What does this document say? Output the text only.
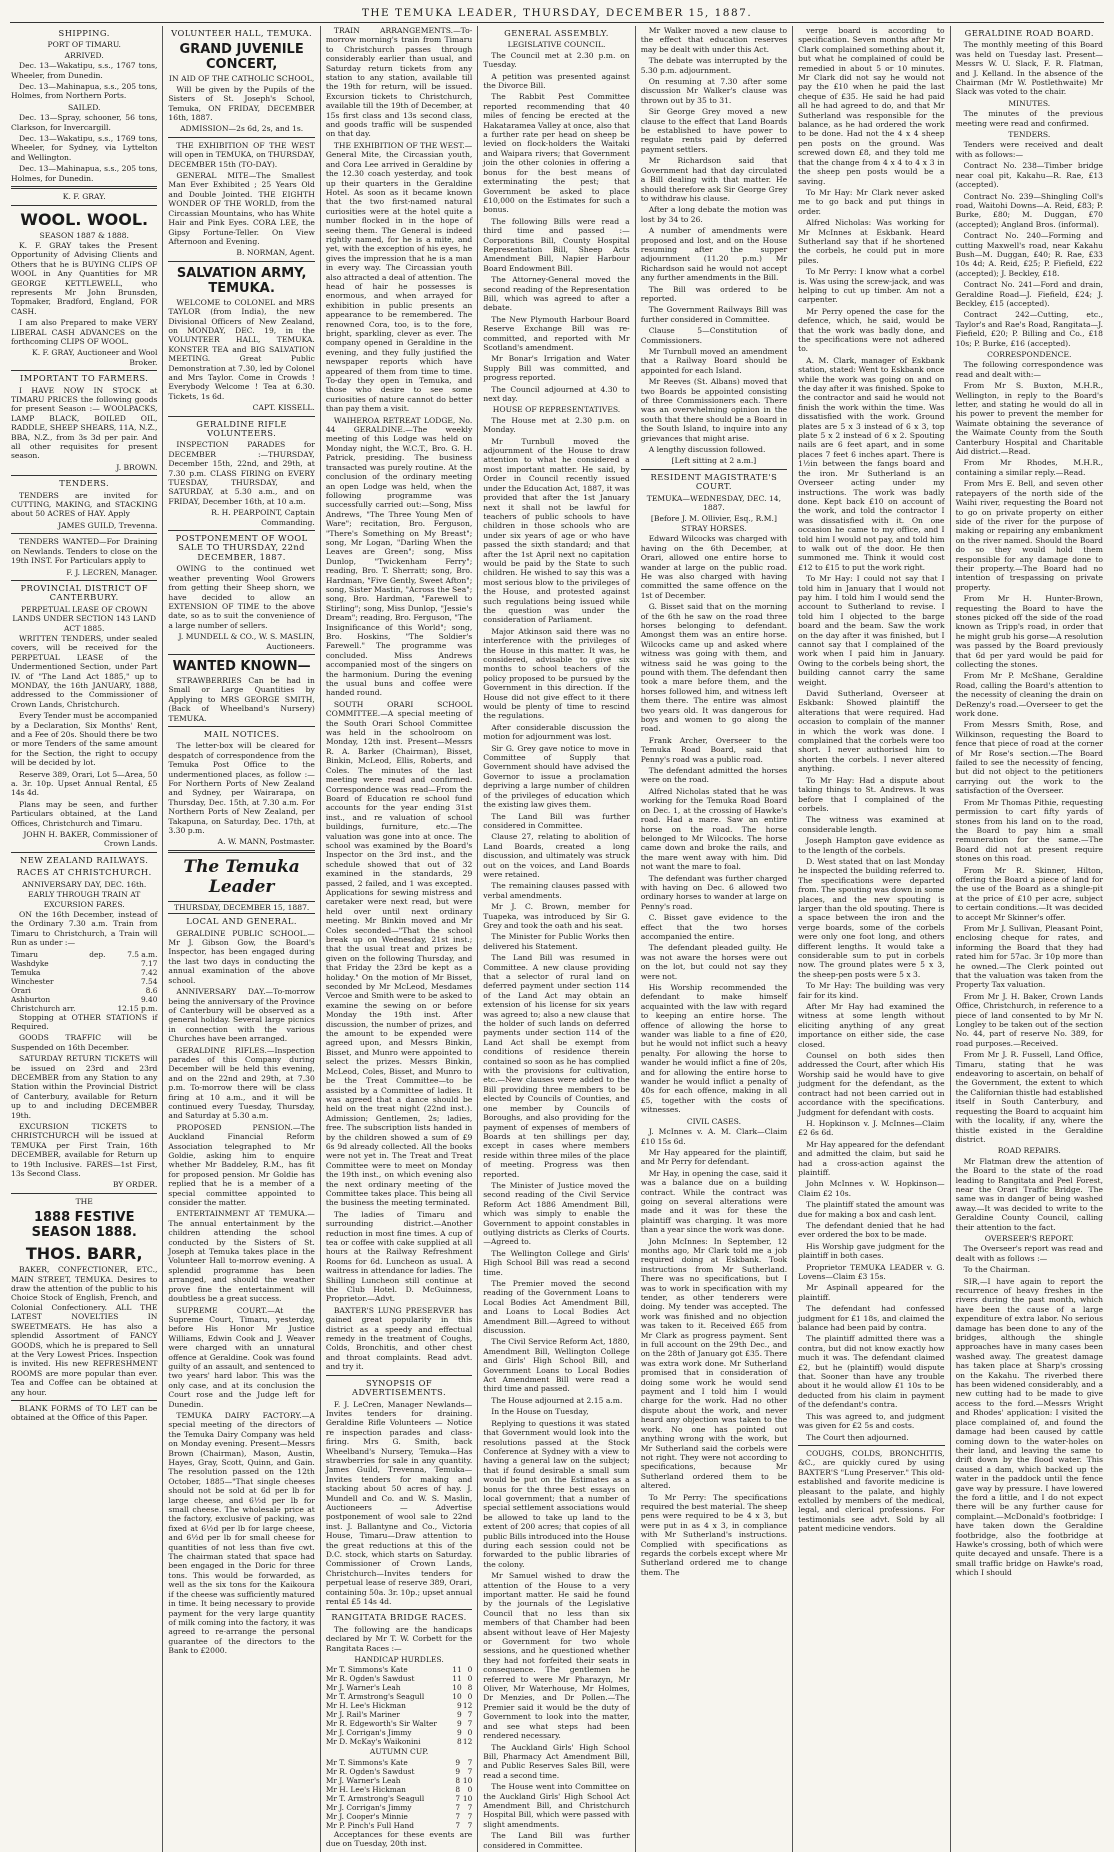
THE TEMUKA LEADER, THURSDAY, DECEMBER 15, 1887.
SHIPPING.
PORT OF TIMARU.
ARRIVED.

Dec. 13—Wakatipu, s.s., 1767 tons, Wheeler, from Dunedin.

Dec. 13—Mahinapua, s.s., 205 tons, Holmes, from Northern Ports.

SAILED.

Dec. 13—Spray, schooner, 56 tons, Clarkson, for Invercargill.

Dec. 13—Wakatipu, s.s., 1769 tons, Wheeler, for Sydney, via Lyttelton and Wellington.

Dec. 13—Mahinapua, s.s., 205 tons, Holmes, for Dunedin.

K. F. GRAY.
WOOL. WOOL.
SEASON 1887 & 1888.

K. F. GRAY takes the Present Opportunity of Advising Clients and Others that he is BUYING CLIPS OF WOOL in Any Quantities for MR GEORGE KETTLEWELL, who represents Mr John Brunsden, Topmaker, Bradford, England, FOR CASH.

I am also Prepared to make VERY LIBERAL CASH ADVANCES on the forthcoming CLIPS OF WOOL.

K. F. GRAY, Auctioneer and Wool Broker.
IMPORTANT TO FARMERS.

I HAVE NOW IN STOCK at TIMARU PRICES the following goods for present Season :— WOOLPACKS, LAMP BLACK, BOILED OIL, RADDLE, SHEEP SHEARS, 11A, N.Z., BBA, N.Z., from 3s 3d per pair. And all other requisites for present season.

J. BROWN.
TENDERS.

TENDERS are invited for CUTTING, MAKING, and STACKING about 50 ACRES of HAY. Apply

JAMES GUILD, Trevenna.

TENDERS WANTED—For Draining on Newlands. Tenders to close on the 19th INST. For Particulars apply to

F. J. LECREN, Manager.
PROVINCIAL DISTRICT OF CANTERBURY.
PERPETUAL LEASE OF CROWN LANDS UNDER SECTION 143 LAND ACT 1885.

WRITTEN TENDERS, under sealed covers, will be received for the PERPETUAL LEASE of the Undermentioned Section, under Part IV. of "The Land Act 1885," up to MONDAY, the 16th JANUARY, 1888, addressed to the Commissioner of Crown Lands, Christchurch.

Every Tender must be accompanied by a Declaration, Six Months' Rent, and a Fee of 20s. Should there be two or more Tenders of the same amount for the Section, the right to occupy will be decided by lot.

Reserve 389, Orari, Lot 5—Area, 50 a. 3r. 10p. Upset Annual Rental, £5 14s 4d.

Plans may be seen, and further Particulars obtained, at the Land Offices, Christchurch and Timaru.

JOHN H. BAKER, Commissioner of Crown Lands.
NEW ZEALAND RAILWAYS.
RACES AT CHRISTCHURCH.
ANNIVERSARY DAY, DEC. 16th.
EARLY THROUGH TRAIN AT EXCURSION FARES.

ON the 16th December, instead of the Ordinary 7.30 a.m. Train from Timaru to Christchurch, a Train will Run as under :—

Timaru	dep.	7.5 a.m.
Washdyke		7.17
Temuka		7.42
Winchester		7.54
Orari		8.6
Ashburton		9.40
Christchurch arr.		12.15 p.m.

Stopping at OTHER STATIONS if Required.

GOODS TRAFFIC will be Suspended on 16th December.

SATURDAY RETURN TICKETS will be issued on 23rd and 23rd DECEMBER from any Station to any Station within the Provincial District of Canterbury, available for Return up to and including DECEMBER 19th.

EXCURSION TICKETS to CHRISTCHURCH will be issued at TEMUKA per First Train, 16th DECEMBER, available for Return up to 19th Inclusive. FARES—1st First, 13s Second Class.

BY ORDER.
THE
1888 FESTIVE SEASON 1888.
THOS. BARR,

BAKER, CONFECTIONER, ETC., MAIN STREET, TEMUKA. Desires to draw the attention of the public to his Choice Stock of English, French, and Colonial Confectionery. ALL THE LATEST NOVELTIES IN SWEETMEATS. He has also a splendid Assortment of FANCY GOODS, which he is prepared to Sell at the Very Lowest Prices. Inspection is invited. His new REFRESHMENT ROOMS are more popular than ever. Tea and Coffee can be obtained at any hour.

BLANK FORMS of TO LET can be obtained at the Office of this Paper.

VOLUNTEER HALL, TEMUKA.
GRAND JUVENILE CONCERT,
IN AID OF THE CATHOLIC SCHOOL,

Will be given by the Pupils of the Sisters of St. Joseph's School, Temuka, ON FRIDAY, DECEMBER 16th, 1887.

ADMISSION—2s 6d, 2s, and 1s.

THE EXHIBITION OF THE WEST will open in TEMUKA, on THURSDAY, DECEMBER 15th (TO-DAY).

GENERAL MITE—The Smallest Man Ever Exhibited ; 25 Years Old and Double Jointed. THE EIGHTH WONDER OF THE WORLD, from the Circassian Mountains, who has White Hair and Pink Eyes. CORA LEE, the Gipsy Fortune-Teller. On View Afternoon and Evening.

B. NORMAN, Agent.
SALVATION ARMY, TEMUKA.

WELCOME to COLONEL and MRS TAYLOR (from India), the new Divisional Officers of New Zealand, on MONDAY, DEC. 19, in the VOLUNTEER HALL, TEMUKA. KONSTER TEA and BIG SALVATION MEETING. Great Public Demonstration at 7.30, led by Colonel and Mrs Taylor. Come in Crowds ! Everybody Welcome ! Tea at 6.30. Tickets, 1s 6d.

CAPT. KISSELL.
GERALDINE RIFLE VOLUNTEERS.

INSPECTION PARADES for DECEMBER :—THURSDAY, December 15th, 22nd, and 29th, at 7.30 p.m. CLASS FIRING on EVERY TUESDAY, THURSDAY, and SATURDAY, at 5.30 a.m., and on FRIDAY, December 16th, at 10 a.m.

R. H. PEARPOINT, Captain Commanding.
POSTPONEMENT OF WOOL SALE TO THURSDAY, 22nd DECEMBER, 1887.

OWING to the continued wet weather preventing Wool Growers from getting their Sheep shorn, we have decided to allow an EXTENSION OF TIME to the above date, so as to suit the convenience of a large number of sellers.

J. MUNDELL & CO., W. S. MASLIN, Auctioneers.
WANTED KNOWN—

STRAWBERRIES Can be had in Small or Large Quantities by Applying to MRS GEORGE SMITH, (Back of Wheelband's Nursery) TEMUKA.

MAIL NOTICES.

The letter-box will be cleared for despatch of correspondence from the Temuka Post Office to the undermentioned places, as follow :— For Northern Ports of New Zealand and Sydney, per Wairarapa, on Thursday, Dec. 15th, at 7.30 a.m. For Northern Ports of New Zealand, per Takapuna, on Saturday, Dec. 17th, at 3.30 p.m.

A. W. MANN, Postmaster.
The Temuka Leader
THURSDAY, DECEMBER 15, 1887.
LOCAL AND GENERAL.

GERALDINE PUBLIC SCHOOL.—Mr J. Gibson Gow, the Board's Inspector, has been engaged during the last two days in conducting the annual examination of the above school.

ANNIVERSARY DAY.—To-morrow being the anniversary of the Province of Canterbury will be observed as a general holiday. Several large picnics in connection with the various Churches have been arranged.

GERALDINE RIFLES.—Inspection parades of this Company during December will be held this evening, and on the 22nd and 29th, at 7.30 p.m. To-morrow there will be class firing at 10 a.m., and it will be continued every Tuesday, Thursday, and Saturday at 5.30 a.m.

PROPOSED PENSION.—The Auckland Financial Reform Association telegraphed to Mr Goldie, asking him to enquire whether Mr Baddeley, R.M., has fit for proposed pension. Mr Goldie has replied that he is a member of a special committee appointed to consider the matter.

ENTERTAINMENT AT TEMUKA.—The annual entertainment by the children attending the school conducted by the Sisters of St. Joseph at Temuka takes place in the Volunteer Hall to-morrow evening. A splendid programme has been arranged, and should the weather prove fine the entertainment will doubtless be a great success.

SUPREME COURT.—At the Supreme Court, Timaru, yesterday, before His Honor Mr Justice Williams, Edwin Cook and J. Weaver were charged with an unnatural offence at Geraldine. Cook was found guilty of an assault, and sentenced to two years' hard labor. This was the only case, and at its conclusion the Court rose and the Judge left for Dunedin.

TEMUKA DAIRY FACTORY.—A special meeting of the directors of the Temuka Dairy Company was held on Monday evening. Present—Messrs Brown (Chairman), Mason, Austin, Hayes, Gray, Scott, Quinn, and Gain. The resolution passed on the 12th October, 1885—"That single cheeses should not be sold at 6d per lb for large cheese, and 6½d per lb for small cheese. The wholesale price at the factory, exclusive of packing, was fixed at 6½d per lb for large cheese, and 6½d per lb for small cheese for quantities of not less than five cwt. The chairman stated that space had been engaged in the Doric for three tons. This would be forwarded, as well as the six tons for the Kaikoura if the cheese was sufficiently matured in time. It being necessary to provide payment for the very large quantity of milk coming into the factory, it was agreed to re-arrange the personal guarantee of the directors to the Bank to £2000.

TRAIN ARRANGEMENTS.—To-morrow morning's train from Timaru to Christchurch passes through considerably earlier than usual, and Saturday return tickets from any station to any station, available till the 19th for return, will be issued. Excursion tickets to Christchurch, available till the 19th of December, at 15s first class and 13s second class, and goods traffic will be suspended on that day.

THE EXHIBITION OF THE WEST.—General Mite, the Circassian youth, and Cora Lee arrived in Geraldine by the 12.30 coach yesterday, and took up their quarters in the Geraldine Hotel. As soon as it became known that the two first-named natural curiosities were at the hotel quite a number flocked in in the hope of seeing them. The General is indeed rightly named, for he is a mite, and yet, with the exception of his eyes, he gives the impression that he is a man in every way. The Circassian youth also attracted a deal of attention. The head of hair he possesses is enormous, and when arrayed for exhibition in public presents an appearance to be remembered. The renowned Cora, too, is to the fore, bright, sparkling, clever as ever. The company opened in Geraldine in the evening, and they fully justified the newspaper reports which have appeared of them from time to time. To-day they open in Temuka, and those who desire to see some curiosities of nature cannot do better than pay them a visit.

WAIHEROA RETREAT LODGE, No. 44 GERALDINE.—The weekly meeting of this Lodge was held on Monday night, the W.C.T., Bro. G. H. Patrick, presiding. The business transacted was purely routine. At the conclusion of the ordinary meeting an open Lodge was held, when the following programme was successfully carried out:—Song, Miss Andrews, "The Three Young Men of Ware"; recitation, Bro. Ferguson, "There's Something on My Breast"; song, Mr Logan, "Darling When the Leaves are Green"; song, Miss Dunlop, "Twickenham Ferry"; reading, Bro. T. Sherratt; song, Bro. Hardman, "Five Gently, Sweet Afton"; song, Sister Mastin, "Across the Sea"; song, Bro. Hardman, "Farewell to Stirling"; song, Miss Dunlop, "Jessie's Dream"; reading, Bro. Ferguson, "The Insignificance of this World"; song, Bro. Hoskins, "The Soldier's Farewell." The programme was concluded. Miss Andrews accompanied most of the singers on the harmonium. During the evening the usual buns and coffee were handed round.

SOUTH ORARI SCHOOL COMMITTEE.—A special meeting of the South Orari School Committee was held in the schoolroom on Monday, 12th inst. Present—Messrs R. A. Barker (Chairman), Bisset, Binkin, McLeod, Ellis, Roberts, and Coles. The minutes of the last meeting were read and confirmed. Correspondence was read—From the Board of Education re school fund accounts for the year ending 31st inst., and re valuation of school buildings, furniture, etc.—The valuation was gone into at once. The school was examined by the Board's Inspector on the 3rd inst., and the schedule showed that out of 32 examined in the standards, 29 passed, 2 failed, and 1 was excepted. Applications for sewing mistress and caretaker were next read, but were held over until next ordinary meeting. Mr Binkin moved and Mr Coles seconded—"That the school break up on Wednesday, 21st inst.; that the usual treat and prizes be given on the following Thursday, and that Friday the 23rd be kept as a holiday." On the motion of Mr Bisset, seconded by Mr McLeod, Mesdames Vercoe and Smith were to be asked to examine the sewing on or before Monday the 19th inst. After discussion, the number of prizes, and the amount to be expended were agreed upon, and Messrs Binkin, Bisset, and Munro were appointed to select the prizes. Messrs Binkin, McLeod, Coles, Bisset, and Munro to be the Treat Committee—to be assisted by a Committee of ladies. It was agreed that a dance should be held on the treat night (22nd inst.). Admission; Gentlemen, 2s; ladies, free. The subscription lists handed in by the children showed a sum of £9 6s 9d already collected. All the books were not yet in. The Treat and Treat Committee were to meet on Monday the 19th inst., on which evening also the next ordinary meeting of the Committee takes place. This being all the business the meeting terminated.

The ladies of Timaru and surrounding district.—Another reduction in most fine times. A cup of tea or coffee with cake supplied at all hours at the Railway Refreshment Rooms for 6d. Luncheon as usual. A waitress in attendance for ladies. The Shilling Luncheon still continue at the Club Hotel. D. McGuinness, Proprietor.—Advt.

BAXTER'S LUNG PRESERVER has gained great popularity in this district as a speedy and effectual remedy in the treatment of Coughs, Colds, Bronchitis, and other chest and throat complaints. Read advt. and try it.

SYNOPSIS OF ADVERTISEMENTS.

F. J. LeCren, Manager Newlands—Invites tenders for draining. Geraldine Rifle Volunteers — Notice re inspection parades and class-firing. Mrs G. Smith, back Wheelband's Nursery, Temuka—Has strawberries for sale in any quantity. James Guild, Trevenna, Temuka—Invites tenders for making and stacking about 50 acres of hay. J. Mundell and Co. and W. S. Maslin, Auctioneers — Advertise postponement of wool sale to 22nd inst. J. Ballantyne and Co., Victoria House, Timaru—Draw attention to the great reductions at this of the D.C. stock, which starts on Saturday. Commissioner of Crown Lands, Christchurch—Invites tenders for perpetual lease of reserve 389, Orari, containing 50a. 3r. 10p.; upset annual rental £5 14s 4d.

RANGITATA BRIDGE RACES.

The following are the handicaps declared by Mr T. W. Corbett for the Rangitata Races :—

HANDICAP HURDLES.
Mr T. Simmons's Kate	11	0
Mr R. Ogden's Sawdust	11	0
Mr J. Warner's Leah	10	8
Mr T. Armstrong's Seagull	10	0
Mr H. Lee's Hickman	9	12
Mr J. Rail's Mariner	9	7
Mr R. Edgeworth's Sir Walter	9	7
Mr J. Corrigan's Jimmy	9	0
Mr D. McKay's Waikonini	8	12
AUTUMN CUP.
Mr T. Simmons's Kate	9	7
Mr R. Ogden's Sawdust	9	7
Mr J. Warner's Leah	8	10
Mr H. Lee's Hickman	8	0
Mr T. Armstrong's Seagull	7	10
Mr J. Corrigan's Jimmy	7	7
Mr J. Cooper's Minnie	7	7
Mr P. Pinch's Full Hand	7	7

Acceptances for these events are due on Tuesday, 20th inst.

GENERAL ASSEMBLY.
LEGISLATIVE COUNCIL.

The Council met at 2.30 p.m. on Tuesday.

A petition was presented against the Divorce Bill.

The Rabbit Pest Committee reported recommending that 40 miles of fencing be erected at the Hakataramea Valley at once, also that a further rate per head on sheep be levied on flock-holders the Waitaki and Waipara rivers; that Government join the other colonies in offering a bonus for the best means of exterminating the pest; that Government be asked to place £10,000 on the Estimates for such a bonus.

The following Bills were read a third time and passed :—Corporations Bill, County Hospital Representation Bill, Sheep Acts Amendment Bill, Napier Harbour Board Endowment Bill.

The Attorney-General moved the second reading of the Representation Bill, which was agreed to after a debate.

The New Plymouth Harbour Board Reserve Exchange Bill was re-committed, and reported with Mr Scotland's amendment.

Mr Bonar's Irrigation and Water Supply Bill was committed, and progress reported.

The Council adjourned at 4.30 to next day.

HOUSE OF REPRESENTATIVES.

The House met at 2.30 p.m. on Monday.

Mr Turnbull moved the adjournment of the House to draw attention to what he considered a most important matter. He said, by Order in Council recently issued under the Education Act, 1887, it was provided that after the 1st January next it shall not be lawful for teachers of public schools to have children in those schools who are under six years of age or who have passed the sixth standard; and that after the 1st April next no capitation would be paid by the State to such children. He wished to say this was a most serious blow to the privileges of the House, and protested against such regulations being issued while the question was under the consideration of Parliament.

Major Atkinson said there was no interference with the privileges of the House in this matter. It was, he considered, advisable to give six months to school teachers of the policy proposed to be pursued by the Government in this direction. If the House did not give effect to it there would be plenty of time to rescind the regulations.

After considerable discussion the motion for adjournment was lost.

Sir G. Grey gave notice to move in Committee of Supply that Government should have advised the Governor to issue a proclamation depriving a large number of children of the privileges of education which the existing law gives them.

The Land Bill was further considered in Committee.

Clause 27, relating to abolition of Land Boards, created a long discussion, and ultimately was struck out on the voices, and Land Boards were retained.

The remaining clauses passed with verbal amendments.

Mr J. C. Brown, member for Tuapeka, was introduced by Sir G. Grey and took the oath and his seat.

The Minister for Public Works then delivered his Statement.

The Land Bill was resumed in Committee. A new clause providing that a selector of rural land on deferred payment under section 114 of the Land Act may obtain an extension of his license for six years was agreed to; also a new clause that the holder of such lands on deferred payments under section 114 of the Land Act shall be exempt from conditions of residence therein contained so soon as he has complied with the provisions for cultivation, etc.—New clauses were added to the Bill providing three members to be elected by Councils of Counties, and one member by Councils of Boroughs, and also providing for the payment of expenses of members of Boards at ten shillings per day, except in cases where members reside within three miles of the place of meeting. Progress was then reported.

The Minister of Justice moved the second reading of the Civil Service Reform Act 1886 Amendment Bill, which was simply to enable the Government to appoint constables in outlying districts as Clerks of Courts.—Agreed to.

The Wellington College and Girls' High School Bill was read a second time.

The Premier moved the second reading of the Government Loans to Local Bodies Act Amendment Bill, and Loans to Local Bodies Act Amendment Bill.—Agreed to without discussion.

The Civil Service Reform Act, 1880, Amendment Bill, Wellington College and Girls' High School Bill, and Government Loans to Local Bodies Act Amendment Bill were read a third time and passed.

The House adjourned at 2.15 a.m.

In the House on Tuesday,

Replying to questions it was stated that Government would look into the resolutions passed at the Stock Conference at Sydney with a view to having a general law on the subject; that if found desirable a small sum would be put on the Estimates as a bonus for the three best essays on local government; that a number of special settlement associations would be allowed to take up land to the extent of 200 acres; that copies of all public Bills introduced into the House during each session could not be forwarded to the public libraries of the colony.

Mr Samuel wished to draw the attention of the House to a very important matter. He said he found by the journals of the Legislative Council that no less than six members of that Chamber had been absent without leave of Her Majesty or Government for two whole sessions, and he questioned whether they had not forfeited their seats in consequence. The gentlemen he referred to were Mr Pharazyn, Mr Oliver, Mr Waterhouse, Mr Holmes, Dr Menzies, and Dr Pollen.—The Premier said it would be the duty of Government to look into the matter, and see what steps had been rendered necessary.

The Auckland Girls' High School Bill, Pharmacy Act Amendment Bill, and Public Reserves Sales Bill, were read a second time.

The House went into Committee on the Auckland Girls' High School Act Amendment Bill, and Christchurch Hospital Bill, which were passed with slight amendments.

The Land Bill was further considered in Committee.

Mr Walker moved a new clause to the effect that education reserves may be dealt with under this Act.

The debate was interrupted by the 5.30 p.m. adjournment.

On resuming at 7.30 after some discussion Mr Walker's clause was thrown out by 35 to 31.

Sir George Grey moved a new clause to the effect that Land Boards be established to have power to regulate rents paid by deferred payment settlers.

Mr Richardson said that Government had that day circulated a Bill dealing with that matter. He should therefore ask Sir George Grey to withdraw his clause.

After a long debate the motion was lost by 34 to 26.

A number of amendments were proposed and lost, and on the House resuming after the supper adjournment (11.20 p.m.) Mr Richardson said he would not accept any further amendments in the Bill.

The Bill was ordered to be reported.

The Government Railways Bill was further considered in Committee.

Clause 5—Constitution of Commissioners.

Mr Turnbull moved an amendment that a Railway Board should be appointed for each Island.

Mr Reeves (St. Albans) moved that two Boards be appointed consisting of three Commissioners each. There was an overwhelming opinion in the south that there should be a Board in the South Island, to inquire into any grievances that might arise.

A lengthy discussion followed.

[Left sitting at 2 a.m.]
RESIDENT MAGISTRATE'S COURT.
TEMUKA—WEDNESDAY, DEC. 14, 1887.
[Before J. M. Ollivier, Esq., R.M.]
STRAY HORSES.

Edward Wilcocks was charged with having on the 6th December, at Orari, allowed one entire horse to wander at large on the public road. He was also charged with having committed the same offence on the 1st of December.

G. Bisset said that on the morning of the 6th he saw on the road three horses belonging to defendant. Amongst them was an entire horse. Wilcocks came up and asked where witness was going with them, and witness said he was going to the pound with them. The defendant then took a mare before them, and the horses followed him, and witness left them there. The entire was almost two years old. It was dangerous for boys and women to go along the road.

Frank Archer, Overseer to the Temuka Road Board, said that Penny's road was a public road.

The defendant admitted the horses were on the road.

Alfred Nicholas stated that he was working for the Temuka Road Board on Dec. 1, at the crossing of Hawke's road. Had a mare. Saw an entire horse on the road. The horse belonged to Mr Wilcocks. The horse came down and broke the rails, and the mare went away with him. Did not want the mare to foal.

The defendant was further charged with having on Dec. 6 allowed two ordinary horses to wander at large on Penny's road.

C. Bisset gave evidence to the effect that the two horses accompanied the entire.

The defendant pleaded guilty. He was not aware the horses were out on the lot, but could not say they were not.

His Worship recommended the defendant to make himself acquainted with the law with regard to keeping an entire horse. The offence of allowing the horse to wander was liable to a fine of £20, but he would not inflict such a heavy penalty. For allowing the horse to wander he would inflict a fine of 20s, and for allowing the entire horse to wander he would inflict a penalty of 40s for each offence, making in all £5, together with the costs of witnesses.

CIVIL CASES.

J. McInnes v. A. M. Clark—Claim £10 15s 6d.

Mr Hay appeared for the plaintiff, and Mr Perry for defendant.

Mr Hay, in opening the case, said it was a balance due on a building contract. While the contract was going on several alterations were made and it was for these the plaintiff was charging. It was more than a year since the work was done.

John McInnes: In September, 12 months ago, Mr Clark told me a job required doing at Eskbank. Took instructions from Mr Sutherland. There was no specifications, but I was to work in specification with my tender, as other tenderers were doing. My tender was accepted. The work was finished and no objection was taken to it. Received £65 from Mr Clark as progress payment. Sent in full account on the 29th Dec., and on the 28th of January got £35. There was extra work done. Mr Sutherland promised that in consideration of doing some work he would send payment and I told him I would charge for the work. Had no other dispute about the work, and never heard any objection was taken to the work. No one has pointed out anything wrong with the work, but Mr Sutherland said the corbels were not right. They were not according to specifications, because Mr Sutherland ordered them to be altered.

To Mr Perry: The specifications required the best material. The sheep pens were required to be 4 x 3, but were put in as 4 x 3, in compliance with Mr Sutherland's instructions. Complied with specifications as regards the corbels except where Mr Sutherland ordered me to change them. The

verge board is according to specification. Seven months after Mr Clark complained something about it, but what he complained of could be remedied in about 5 or 10 minutes. Mr Clark did not say he would not pay the £10 when he paid the last cheque of £35. He said he had paid all he had agreed to do, and that Mr Sutherland was responsible for the balance, as he had ordered the work to be done. Had not the 4 x 4 sheep pen posts on the ground. Was screwed down £8, and they told me that the change from 4 x 4 to 4 x 3 in the sheep pen posts would be a saving.

To Mr Hay: Mr Clark never asked me to go back and put things in order.

Alfred Nicholas: Was working for Mr McInnes at Eskbank. Heard Sutherland say that if he shortened the corbels, he could put in more piles.

To Mr Perry: I know what a corbel is. Was using the screw-jack, and was helping to cut up timber. Am not a carpenter.

Mr Perry opened the case for the defence, which, he said, would be that the work was badly done, and the specifications were not adhered to.

A. M. Clark, manager of Eskbank station, stated: Went to Eskbank once while the work was going on and on the day after it was finished. Spoke to the contractor and said he would not finish the work within the time. Was dissatisfied with the work. Ground plates are 5 x 3 instead of 6 x 3, top plate 5 x 2 instead of 6 x 2. Spouting nails are 6 feet apart, and in some places 7 feet 6 inches apart. There is 1½in between the fangs board and the iron. Mr Sutherland is an Overseer acting under my instructions. The work was badly done. Kept back £10 on account of the work, and told the contractor I was dissatisfied with it. On one occasion he came to my office, and I told him I would not pay, and told him to walk out of the door. He then summoned me. Think it would cost £12 to £15 to put the work right.

To Mr Hay: I could not say that I told him in January that I would not pay him. I told him I would send the account to Sutherland to revise. I told him I objected to the barge board and the beam. Saw the work on the day after it was finished, but I cannot say that I complained of the work when I paid him in January. Owing to the corbels being short, the building cannot carry the same weight.

David Sutherland, Overseer at Eskbank: Showed plaintiff the alterations that were required. Had occasion to complain of the manner in which the work was done. I complained that the corbels were too short. I never authorised him to shorten the corbels. I never altered anything.

To Mr Hay: Had a dispute about taking things to St. Andrews. It was before that I complained of the corbels.

The witness was examined at considerable length.

Joseph Hampton gave evidence as to the length of the corbels.

D. West stated that on last Monday he inspected the building referred to. The specifications were departed from. The spouting was down in some places, and the new spouting is larger than the old spouting. There is a space between the iron and the verge boards, some of the corbels were only one foot long, and others different lengths. It would take a considerable sum to put in corbels now. The ground plates were 5 x 3, the sheep-pen posts were 5 x 3.

To Mr Hay: The building was very fair for its kind.

After Mr Hay had examined the witness at some length without eliciting anything of any great importance on either side, the case closed.

Counsel on both sides then addressed the Court, after which His Worship said he would have to give judgment for the defendant, as the contract had not been carried out in accordance with the specifications. Judgment for defendant with costs.

H. Hopkinson v. J. McInnes—Claim £2 6s 6d.

Mr Hay appeared for the defendant and admitted the claim, but said he had a cross-action against the plaintiff.

John McInnes v. W. Hopkinson—Claim £2 10s.

The plaintiff stated the amount was due for making a box and cash lent.

The defendant denied that he had ever ordered the box to be made.

His Worship gave judgment for the plaintiff in both cases.

Proprietor TEMUKA LEADER v. G. Lovens—Claim £3 15s.

Mr Aspinall appeared for the plaintiff.

The defendant had confessed judgment for £1 18s, and claimed the balance had been paid by contra.

The plaintiff admitted there was a contra, but did not know exactly how much it was. The defendant claimed £2, but he (plaintiff) would dispute that. Sooner than have any trouble about it he would allow £1 10s to be deducted from his claim in payment of the defendant's contra.

This was agreed to, and judgment was given for £2 5s and costs.

The Court then adjourned.

COUGHS, COLDS, BRONCHITIS, &C., are quickly cured by using BAXTER'S "Lung Preserver." This old-established and favorite medicine is pleasant to the palate, and highly extolled by members of the medical, legal, and clerical professions. For testimonials see advt. Sold by all patent medicine vendors.

GERALDINE ROAD BOARD.

The monthly meeting of this Board was held on Tuesday last. Present—Messrs W. U. Slack, F. R. Flatman, and J. Kelland. In the absence of the Chairman (Mr W. Postlethwaite) Mr Slack was voted to the chair.

MINUTES.

The minutes of the previous meeting were read and confirmed.

TENDERS.

Tenders were received and dealt with as follows:—

Contract No. 238—Timber bridge near coal pit, Kakahu—R. Rae, £13 (accepted).

Contract No. 239—Shingling Coll's road, Waitohi Downs—A. Reid, £83; P. Burke, £80; M. Duggan, £70 (accepted); Angland Bros. (informal).

Contract No. 240—Forming and cutting Maxwell's road, near Kakahu Bush—M. Duggan, £40; R. Rae, £33 10s 4d; A. Reid, £25; P. Fiefield, £22 (accepted); J. Beckley, £18.

Contract No. 241—Ford and drain, Geraldine Road—J. Fiefield, £24; J. Beckley, £15 (accepted).

Contract 242—Cutting, etc., Taylor's and Rae's Road, Rangitata—J. Fiefield, £20; P. Billing and Co., £18 10s; P. Burke, £16 (accepted).

CORRESPONDENCE.

The following correspondence was read and dealt with:—

From Mr S. Buxton, M.H.R., Wellington, in reply to the Board's letter, and stating he would do all in his power to prevent the member for Waimate obtaining the severance of the Waimate County from the South Canterbury Hospital and Charitable Aid district.—Read.

From Mr Rhodes, M.H.R., containing a similar reply.—Read.

From Mrs E. Bell, and seven other ratepayers of the north side of the Waihi river, requesting the Board not to go on private property on either side of the river for the purpose of making or repairing any embankment on the river named. Should the Board do so they would hold them responsible for any damage done to their property.—The Board had no intention of trespassing on private property.

From Mr H. Hunter-Brown, requesting the Board to have the stones picked off the side of the road known as Tripp's road, in order that he might grub his gorse—A resolution was passed by the Board previously that 6d per yard would be paid for collecting the stones.

From Mr P. McShane, Geraldine Road, calling the Board's attention to the necessity of cleaning the drain on DeRenzy's road.—Overseer to get the work done.

From Messrs Smith, Rose, and Wilkinson, requesting the Board to fence that piece of road at the corner of Mr Rose's section.—The Board failed to see the necessity of fencing, but did not object to the petitioners carrying out the work to the satisfaction of the Overseer.

From Mr Thomas Pithie, requesting permission to cart fifty yards of stones from his land on to the road, the Board to pay him a small remuneration for the same.—The Board did not at present require stones on this road.

From Mr R. Skinner, Hilton, offering the Board a piece of land for the use of the Board as a shingle-pit at the price of £10 per acre, subject to certain conditions.—It was decided to accept Mr Skinner's offer.

From Mr J. Sullivan, Pleasant Point, enclosing cheque for rates, and informing the Board that they had rated him for 57ac. 3r 10p more than he owned.—The Clerk pointed out that the valuation was taken from the Property Tax valuation.

From Mr J. H. Baker, Crown Lands Office, Christchurch, in reference to a piece of land consented to by Mr N. Longley to be taken out of the section No. 44, part of reserve No. 389, for road purposes.—Received.

From Mr J. R. Fussell, Land Office, Timaru, stating that he was endeavoring to ascertain, on behalf of the Government, the extent to which the Californian thistle had established itself in South Canterbury, and requesting the Board to acquaint him with the locality, if any, where the thistle existed in the Geraldine district.

ROAD REPAIRS.

Mr Flatman drew the attention of the Board to the state of the road leading to Rangitata and Peel Forest, near the Orari Traffic Bridge. The same was in danger of being washed away.—It was decided to write to the Geraldine County Council, calling their attention to the fact.

OVERSEER'S REPORT.

The Overseer's report was read and dealt with as follows :—

To the Chairman.

SIR,—I have again to report the recurrence of heavy freshes in the rivers during the past month, which have been the cause of a large expenditure of extra labor. No serious damage has been done to any of the bridges, although the shingle approaches have in many cases been washed away. The greatest damage has taken place at Sharp's crossing on the Kakahu. The riverbed there has been widened considerably, and a new cutting had to be made to give access to the ford.—Messrs Wright and Rhodes' application: I visited the place complained of, and found the damage had been caused by cattle coming down to the water-holes on their land, and leaving the same to drift down by the flood water. This caused a dam, which backed up the water in the paddock until the fence gave way by pressure. I have lowered the ford a little, and I do not expect there will be any further cause for complaint.—McDonald's footbridge: I have taken down the Geraldine footbridge, also the footbridge at Hawke's crossing, both of which were quite decayed and unsafe. There is a small traffic bridge on Hawke's road, which I should
